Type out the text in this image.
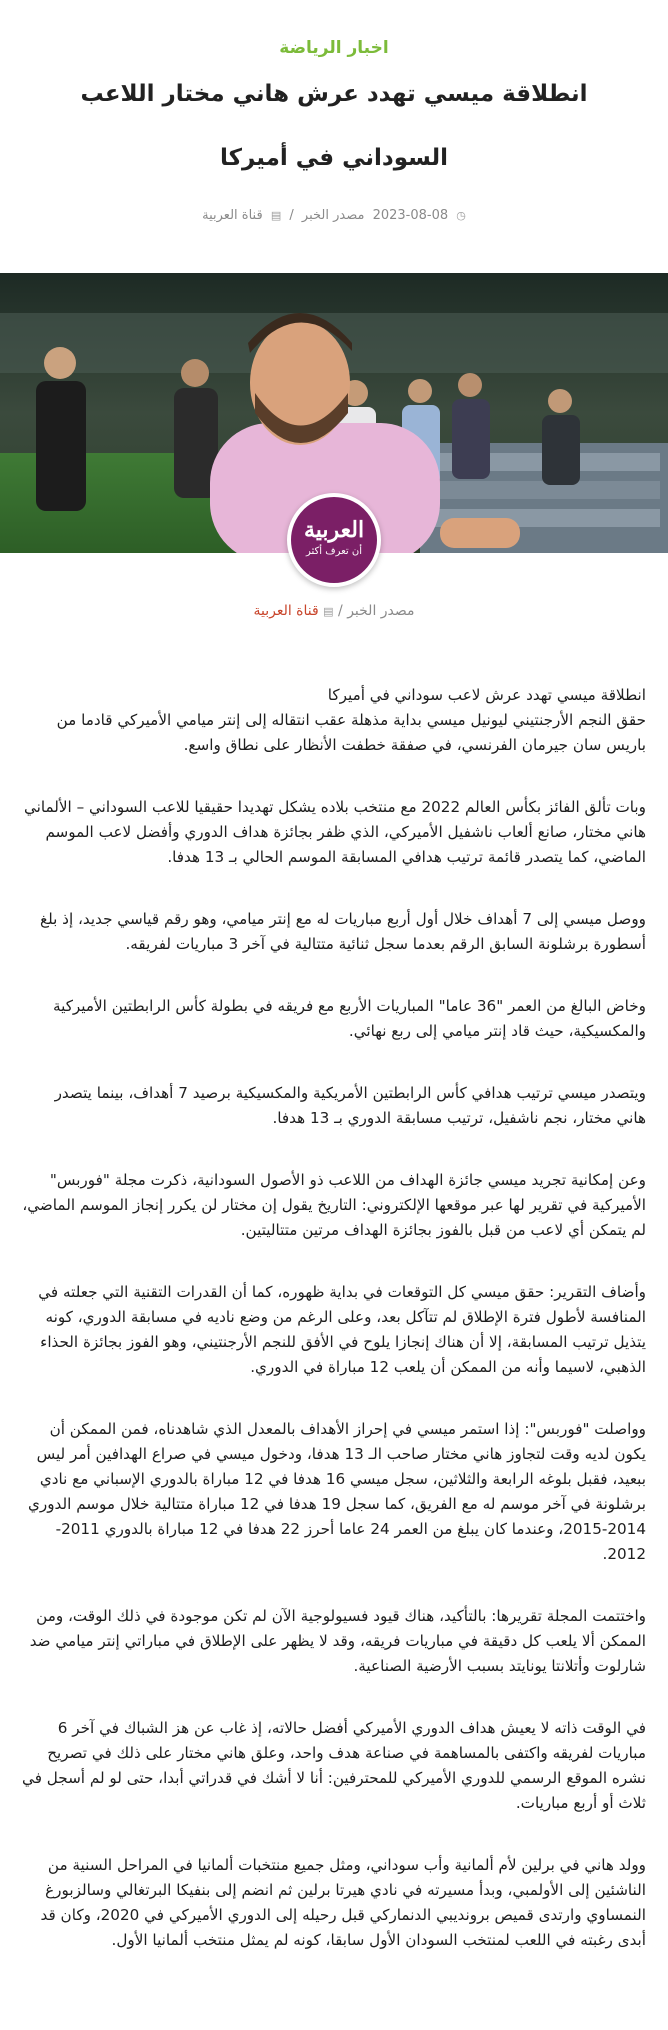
اخبار الرياضة
انطلاقة ميسي تهدد عرش هاني مختار اللاعب السوداني في أميركا
◷ 2023-08-08 مصدر الخبر / ▤ قناة العربية
العربية
أن تعرف أكثر
مصدر الخبر / ▤ قناة العربية

انطلاقة ميسي تهدد عرش لاعب سوداني في أميركا
حقق النجم الأرجنتيني ليونيل ميسي بداية مذهلة عقب انتقاله إلى إنتر ميامي الأميركي قادما من باريس سان جيرمان الفرنسي، في صفقة خطفت الأنظار على نطاق واسع.

وبات تألق الفائز بكأس العالم 2022 مع منتخب بلاده يشكل تهديدا حقيقيا للاعب السوداني – الألماني هاني مختار، صانع ألعاب ناشفيل الأميركي، الذي ظفر بجائزة هداف الدوري وأفضل لاعب الموسم الماضي، كما يتصدر قائمة ترتيب هدافي المسابقة الموسم الحالي بـ 13 هدفا.

ووصل ميسي إلى 7 أهداف خلال أول أربع مباريات له مع إنتر ميامي، وهو رقم قياسي جديد، إذ بلغ أسطورة برشلونة السابق الرقم بعدما سجل ثنائية متتالية في آخر 3 مباريات لفريقه.

وخاض البالغ من العمر "36 عاما" المباريات الأربع مع فريقه في بطولة كأس الرابطتين الأميركية والمكسيكية، حيث قاد إنتر ميامي إلى ربع نهائي.

ويتصدر ميسي ترتيب هدافي كأس الرابطتين الأمريكية والمكسيكية برصيد 7 أهداف، بينما يتصدر هاني مختار، نجم ناشفيل، ترتيب مسابقة الدوري بـ 13 هدفا.

وعن إمكانية تجريد ميسي جائزة الهداف من اللاعب ذو الأصول السودانية، ذكرت مجلة "فوربس" الأميركية في تقرير لها عبر موقعها الإلكتروني: التاريخ يقول إن مختار لن يكرر إنجاز الموسم الماضي، لم يتمكن أي لاعب من قبل بالفوز بجائزة الهداف مرتين متتاليتين.

وأضاف التقرير: حقق ميسي كل التوقعات في بداية ظهوره، كما أن القدرات التقنية التي جعلته في المنافسة لأطول فترة الإطلاق لم تتآكل بعد، وعلى الرغم من وضع ناديه في مسابقة الدوري، كونه يتذيل ترتيب المسابقة، إلا أن هناك إنجازا يلوح في الأفق للنجم الأرجنتيني، وهو الفوز بجائزة الحذاء الذهبي، لاسيما وأنه من الممكن أن يلعب 12 مباراة في الدوري.

وواصلت "فوربس": إذا استمر ميسي في إحراز الأهداف بالمعدل الذي شاهدناه، فمن الممكن أن يكون لديه وقت لتجاوز هاني مختار صاحب الـ 13 هدفا، ودخول ميسي في صراع الهدافين أمر ليس ببعيد، فقبل بلوغه الرابعة والثلاثين، سجل ميسي 16 هدفا في 12 مباراة بالدوري الإسباني مع نادي برشلونة في آخر موسم له مع الفريق، كما سجل 19 هدفا في 12 مباراة متتالية خلال موسم الدوري 2014-2015، وعندما كان يبلغ من العمر 24 عاما أحرز 22 هدفا في 12 مباراة بالدوري 2011-2012.

واختتمت المجلة تقريرها: بالتأكيد، هناك قيود فسيولوجية الآن لم تكن موجودة في ذلك الوقت، ومن الممكن ألا يلعب كل دقيقة في مباريات فريقه، وقد لا يظهر على الإطلاق في مباراتي إنتر ميامي ضد شارلوت وأتلانتا يونايتد بسبب الأرضية الصناعية.

في الوقت ذاته لا يعيش هداف الدوري الأميركي أفضل حالاته، إذ غاب عن هز الشباك في آخر 6 مباريات لفريقه واكتفى بالمساهمة في صناعة هدف واحد، وعلق هاني مختار على ذلك في تصريح نشره الموقع الرسمي للدوري الأميركي للمحترفين: أنا لا أشك في قدراتي أبدا، حتى لو لم أسجل في ثلاث أو أربع مباريات.

وولد هاني في برلين لأم ألمانية وأب سوداني، ومثل جميع منتخبات ألمانيا في المراحل السنية من الناشئين إلى الأولمبي، وبدأ مسيرته في نادي هيرتا برلين ثم انضم إلى بنفيكا البرتغالي وسالزبورغ النمساوي وارتدى قميص برونديبي الدنماركي قبل رحيله إلى الدوري الأميركي في 2020، وكان قد أبدى رغبته في اللعب لمنتخب السودان الأول سابقا، كونه لم يمثل منتخب ألمانيا الأول.
